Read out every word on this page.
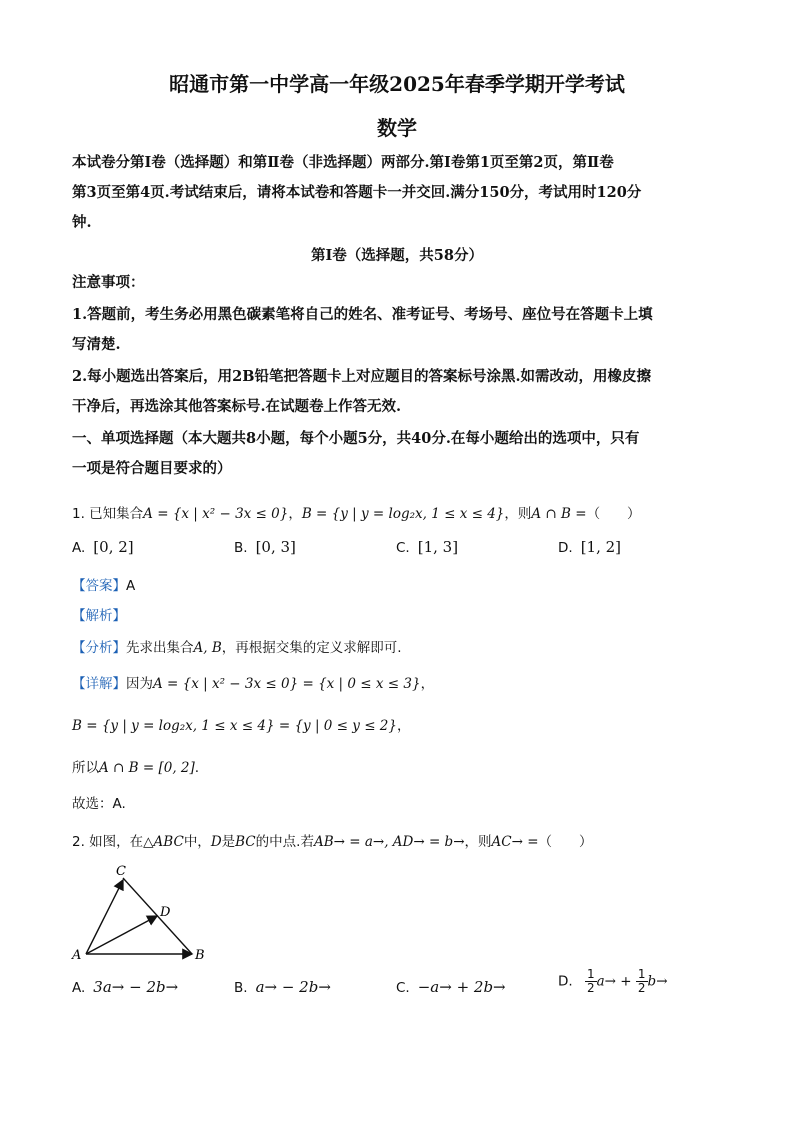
昭通市第一中学高一年级2025年春季学期开学考试
数学
本试卷分第Ⅰ卷（选择题）和第Ⅱ卷（非选择题）两部分.第Ⅰ卷第1页至第2页，第Ⅱ卷
第3页至第4页.考试结束后，请将本试卷和答题卡一并交回.满分150分，考试用时120分
钟.
第Ⅰ卷（选择题，共58分）
注意事项：
1.答题前，考生务必用黑色碳素笔将自己的姓名、准考证号、考场号、座位号在答题卡上填
写清楚.
2.每小题选出答案后，用2B铅笔把答题卡上对应题目的答案标号涂黑.如需改动，用橡皮擦
干净后，再选涂其他答案标号.在试题卷上作答无效.
一、单项选择题（本大题共8小题，每个小题5分，共40分.在每小题给出的选项中，只有
一项是符合题目要求的）
1. 已知集合A = {x | x² − 3x ≤ 0}，B = {y | y = log₂x, 1 ≤ x ≤ 4}，则A ∩ B =（　　）
A. [0, 2]	B. [0, 3]	C. [1, 3]	D. [1, 2]
【答案】A
【解析】
【分析】先求出集合A, B，再根据交集的定义求解即可.
【详解】因为A = {x | x² − 3x ≤ 0} = {x | 0 ≤ x ≤ 3}，
B = {y | y = log₂x, 1 ≤ x ≤ 4} = {y | 0 ≤ y ≤ 2}，
所以A ∩ B = [0, 2].
故选：A.
2. 如图，在△ABC中，D是BC的中点.若AB→ = a→, AD→ = b→，则AC→ =（　　）
A	B
C
D
A. 3a→ − 2b→	B. a→ − 2b→	C. −a→ + 2b→	D. $\frac{1}{2} a\to + \frac{1}{2} b\to$
